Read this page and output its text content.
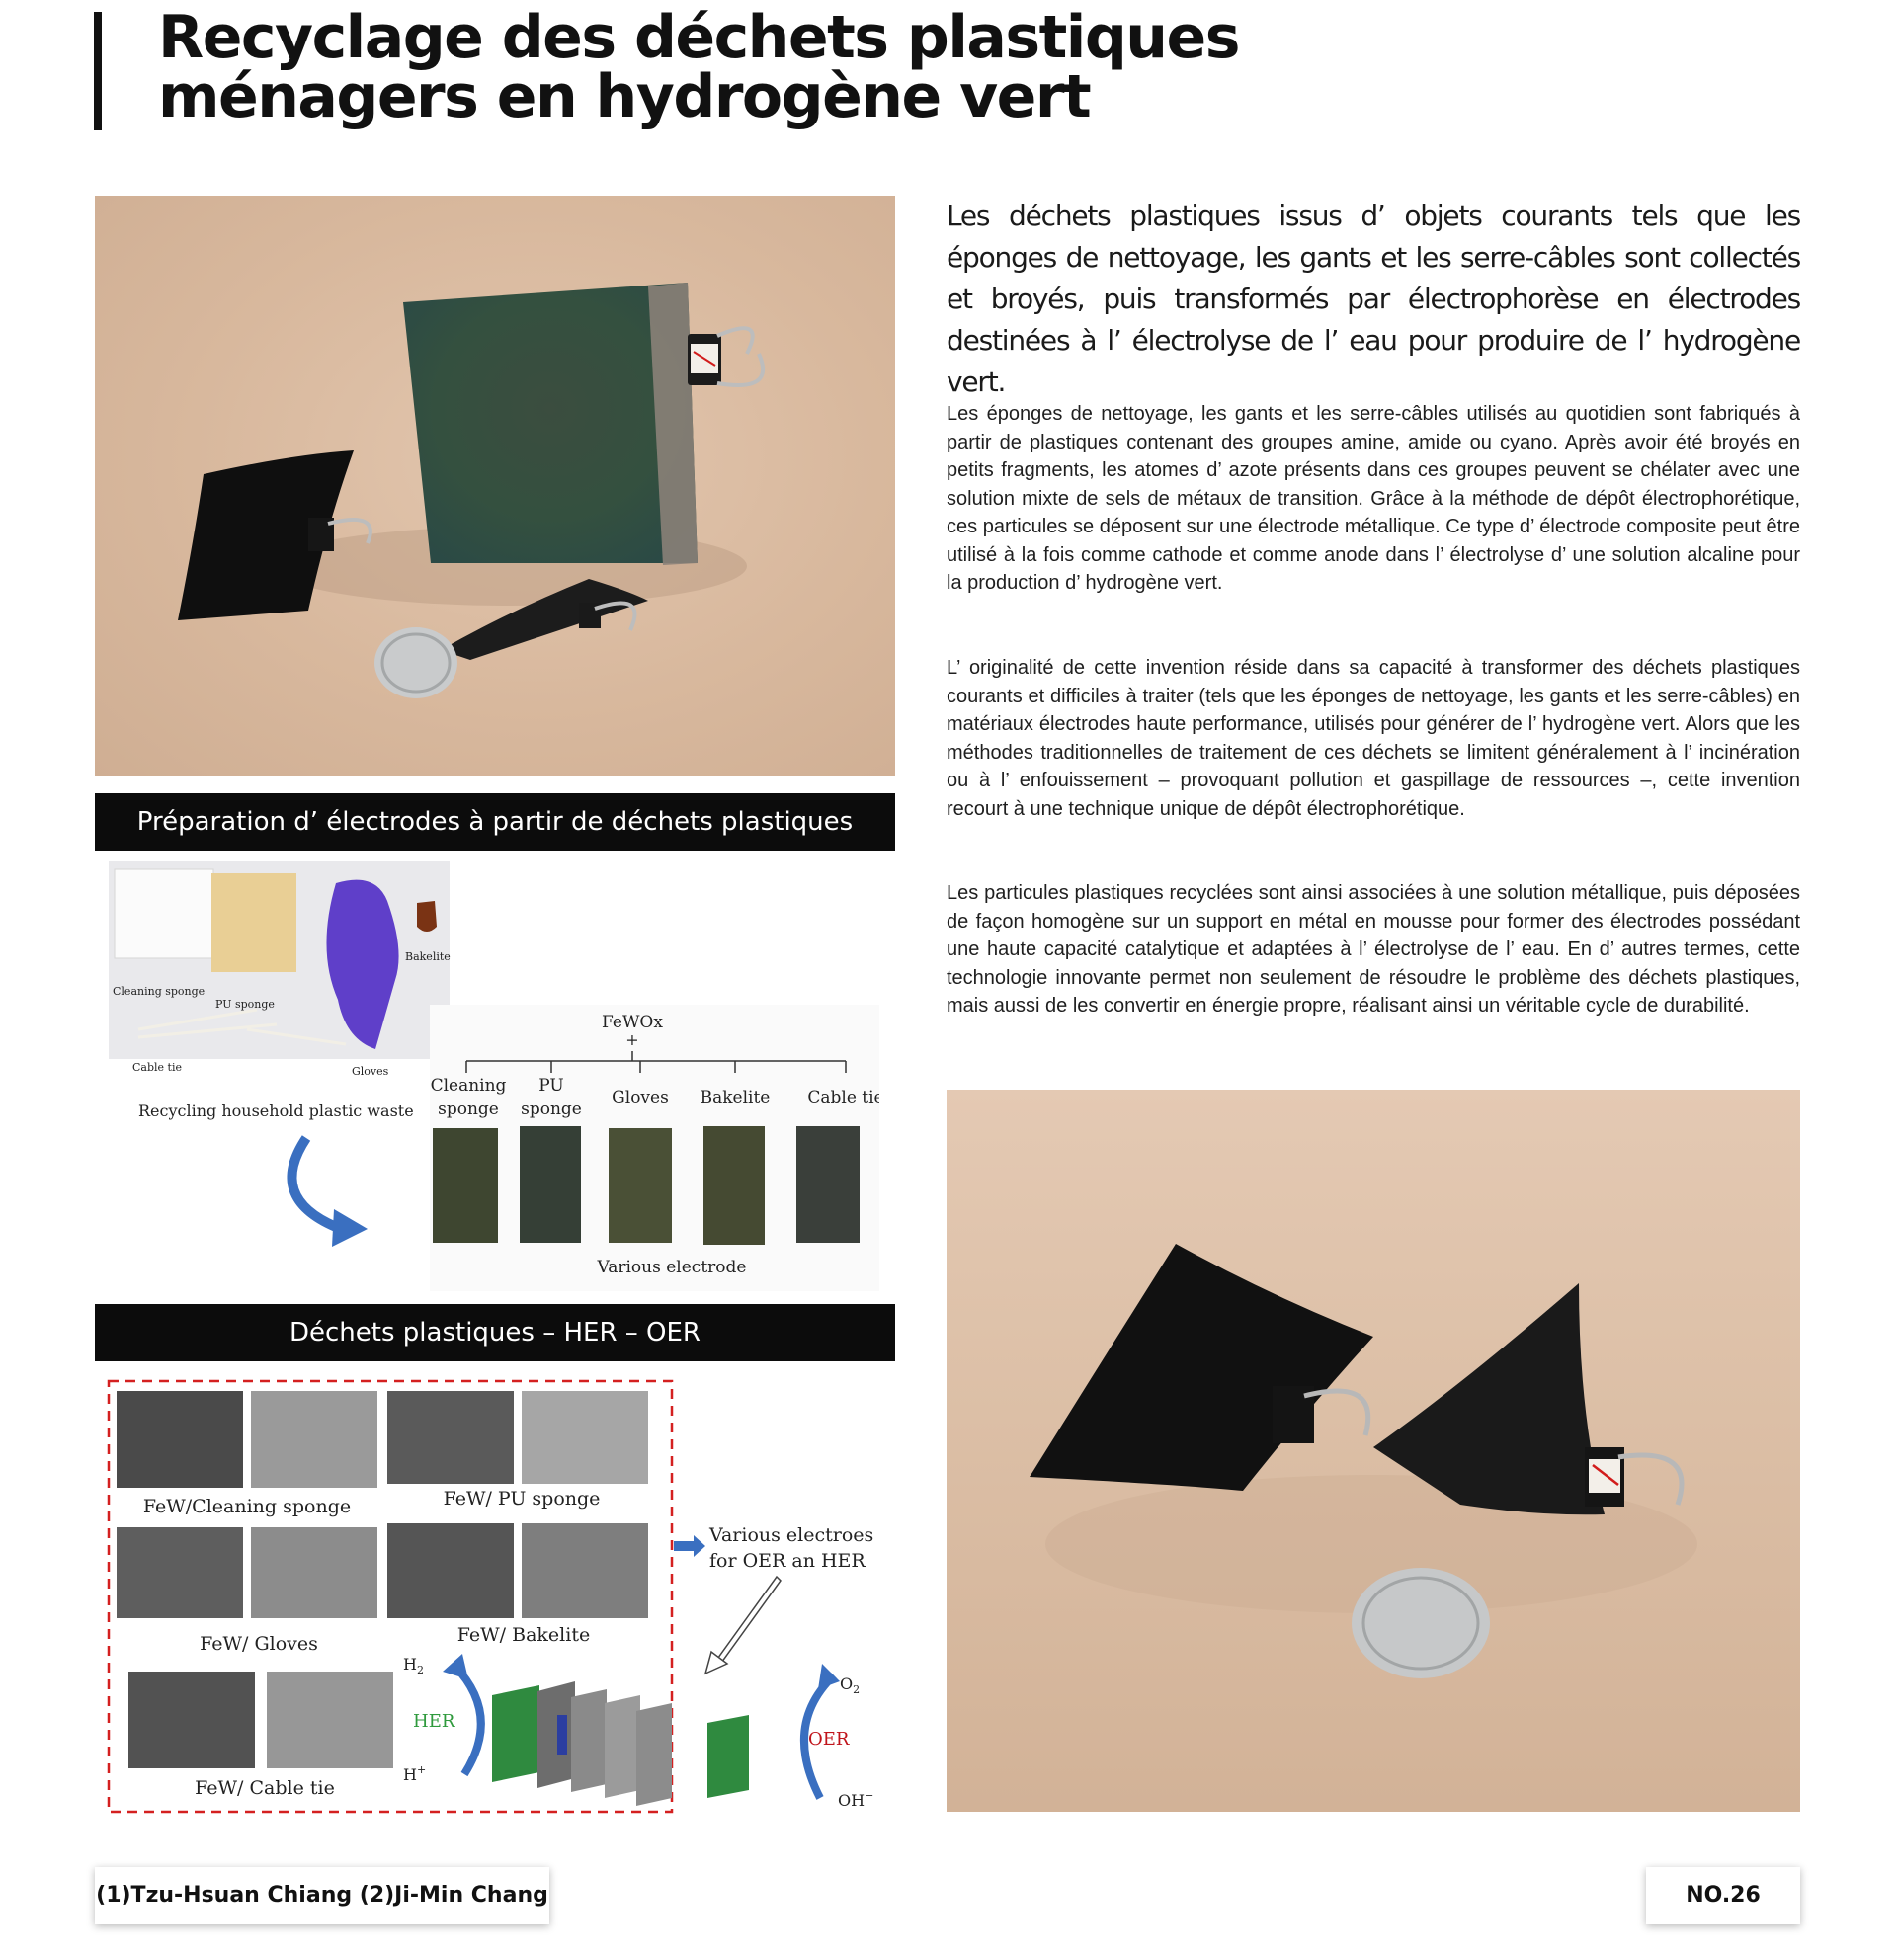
Recyclage des déchets plastiques
ménagers en hydrogène vert
Préparation d’ électrodes à partir de déchets plastiques
Cleaning sponge
PU sponge
Bakelite
Cable tie	Gloves
Recycling household plastic waste
FeWOx
+
Cleaning
sponge
PU
sponge
Gloves Bakelite Cable tie
Various electrode
Déchets plastiques – HER – OER
FeW/Cleaning sponge	FeW/ PU sponge
FeW/ Gloves	FeW/ Bakelite
FeW/ Cable tie
Various electroes
for OER an HER
$H_2$
HER
H+
$O_2$
OER
OH−

Les déchets plastiques issus d’ objets courants tels que les éponges de nettoyage, les gants et les serre-câbles sont collectés et broyés, puis transformés par électrophorèse en électrodes destinées à l’ électrolyse de l’ eau pour produire de l’ hydrogène vert.

Les éponges de nettoyage, les gants et les serre-câbles utilisés au quotidien sont fabriqués à partir de plastiques contenant des groupes amine, amide ou cyano. Après avoir été broyés en petits fragments, les atomes d’ azote présents dans ces groupes peuvent se chélater avec une solution mixte de sels de métaux de transition. Grâce à la méthode de dépôt électrophorétique, ces particules se déposent sur une électrode métallique. Ce type d’ électrode composite peut être utilisé à la fois comme cathode et comme anode dans l’ électrolyse d’ une solution alcaline pour la production d’ hydrogène vert.

L’ originalité de cette invention réside dans sa capacité à transformer des déchets plastiques courants et difficiles à traiter (tels que les éponges de nettoyage, les gants et les serre-câbles) en matériaux électrodes haute performance, utilisés pour générer de l’ hydrogène vert. Alors que les méthodes traditionnelles de traitement de ces déchets se limitent généralement à l’ incinération ou à l’ enfouissement – provoquant pollution et gaspillage de ressources –, cette invention recourt à une technique unique de dépôt électrophorétique.

Les particules plastiques recyclées sont ainsi associées à une solution métallique, puis déposées de façon homogène sur un support en métal en mousse pour former des électrodes possédant une haute capacité catalytique et adaptées à l’ électrolyse de l’ eau. En d’ autres termes, cette technologie innovante permet non seulement de résoudre le problème des déchets plastiques, mais aussi de les convertir en énergie propre, réalisant ainsi un véritable cycle de durabilité.

(1)Tzu-Hsuan Chiang (2)Ji-Min Chang	NO.26
